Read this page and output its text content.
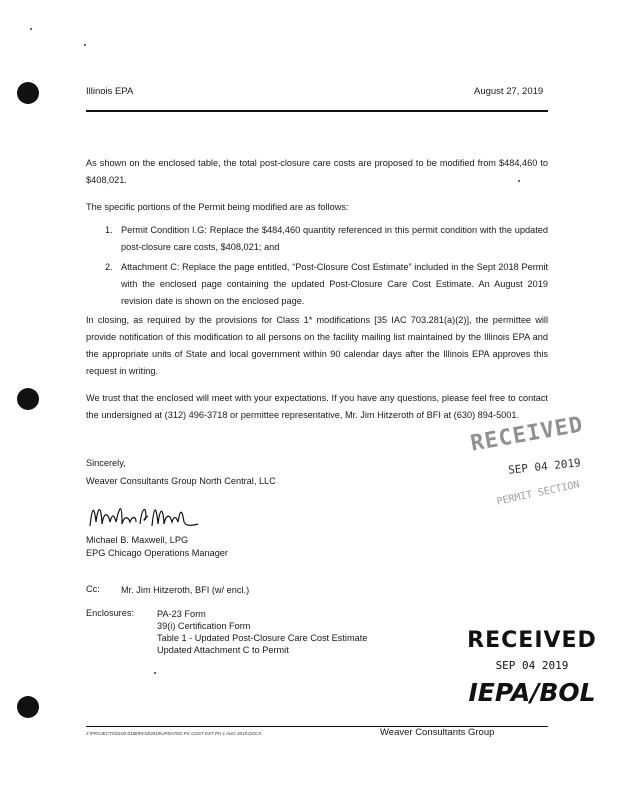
Illinois EPA	August 27, 2019

As shown on the enclosed table, the total post-closure care costs are proposed to be modified from $484,460 to $408,021.

The specific portions of the Permit being modified are as follows:

1. Permit Condition I.G: Replace the $484,460 quantity referenced in this permit condition with the updated post-closure care costs, $408,021; and
2. Attachment C: Replace the page entitled, “Post-Closure Cost Estimate” included in the Sept 2018 Permit with the enclosed page containing the updated Post-Closure Care Cost Estimate. An August 2019 revision date is shown on the enclosed page.

In closing, as required by the provisions for Class 1* modifications [35 IAC 703.281(a)(2)], the permittee will provide notification of this modification to all persons on the facility mailing list maintained by the Illinois EPA and the appropriate units of State and local government within 90 calendar days after the Illinois EPA approves this request in writing.

We trust that the enclosed will meet with your expectations. If you have any questions, please feel free to contact the undersigned at (312) 496-3718 or permittee representative, Mr. Jim Hitzeroth of BFI at (630) 894-5001.

Sincerely,
Weaver Consultants Group North Central, LLC
Michael B. Maxwell, LPG
EPG Chicago Operations Manager
Cc: Mr. Jim Hitzeroth, BFI (w/ encl.)
Enclosures: PA-23 Form
39(i) Certification Form
Table 1 - Updated Post-Closure Care Cost Estimate
Updated Attachment C to Permit
RECEIVED
SEP 04 2019
PERMIT SECTION
RECEIVED
SEP 04 2019
IEPA/BOL
J:\PROJECTS\0100-0188\PCM\2019\UPDATED PC COST EST PH 1 AUG 2019.DOCX	Weaver Consultants Group
